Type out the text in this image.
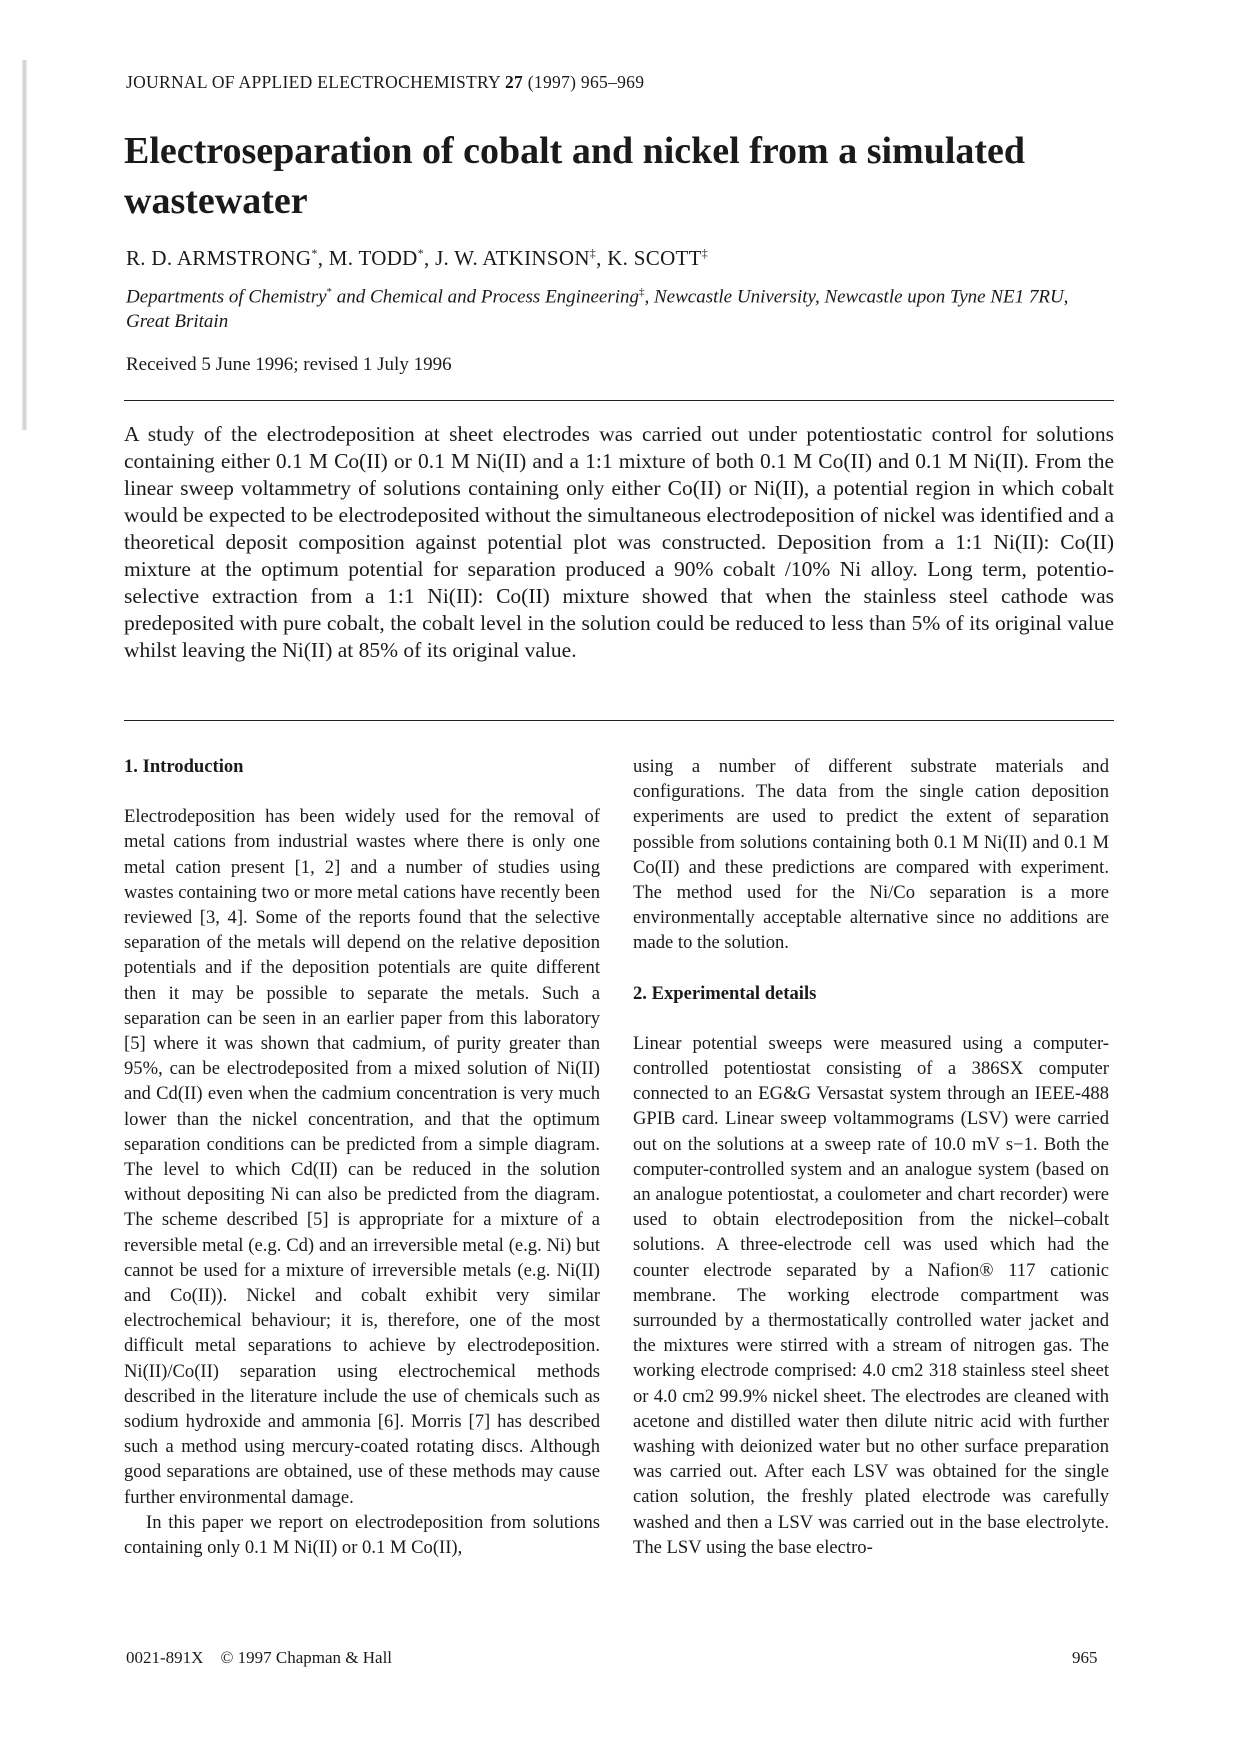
JOURNAL OF APPLIED ELECTROCHEMISTRY 27 (1997) 965–969
Electroseparation of cobalt and nickel from a simulated wastewater
R. D. ARMSTRONG*, M. TODD*, J. W. ATKINSON‡, K. SCOTT‡
Departments of Chemistry* and Chemical and Process Engineering‡, Newcastle University, Newcastle upon Tyne NE1 7RU, Great Britain
Received 5 June 1996; revised 1 July 1996

A study of the electrodeposition at sheet electrodes was carried out under potentiostatic control for solutions containing either 0.1 M Co(II) or 0.1 M Ni(II) and a 1:1 mixture of both 0.1 M Co(II) and 0.1 M Ni(II). From the linear sweep voltammetry of solutions containing only either Co(II) or Ni(II), a potential region in which cobalt would be expected to be electrodeposited without the simultaneous electrodeposition of nickel was identified and a theoretical deposit composition against potential plot was constructed. Deposition from a 1:1 Ni(II): Co(II) mixture at the optimum potential for separation produced a 90% cobalt /10% Ni alloy. Long term, potentio-selective extraction from a 1:1 Ni(II): Co(II) mixture showed that when the stainless steel cathode was predeposited with pure cobalt, the cobalt level in the solution could be reduced to less than 5% of its original value whilst leaving the Ni(II) at 85% of its original value.

1. Introduction

Electrodeposition has been widely used for the removal of metal cations from industrial wastes where there is only one metal cation present [1, 2] and a number of studies using wastes containing two or more metal cations have recently been reviewed [3, 4]. Some of the reports found that the selective separation of the metals will depend on the relative deposition potentials and if the deposition potentials are quite different then it may be possible to separate the metals. Such a separation can be seen in an earlier paper from this laboratory [5] where it was shown that cadmium, of purity greater than 95%, can be electrodeposited from a mixed solution of Ni(II) and Cd(II) even when the cadmium concentration is very much lower than the nickel concentration, and that the optimum separation conditions can be predicted from a simple diagram. The level to which Cd(II) can be reduced in the solution without depositing Ni can also be predicted from the diagram. The scheme described [5] is appropriate for a mixture of a reversible metal (e.g. Cd) and an irreversible metal (e.g. Ni) but cannot be used for a mixture of irreversible metals (e.g. Ni(II) and Co(II)). Nickel and cobalt exhibit very similar electrochemical behaviour; it is, therefore, one of the most difficult metal separations to achieve by electrodeposition. Ni(II)/Co(II) separation using electrochemical methods described in the literature include the use of chemicals such as sodium hydroxide and ammonia [6]. Morris [7] has described such a method using mercury-coated rotating discs. Although good separations are obtained, use of these methods may cause further environmental damage.

In this paper we report on electrodeposition from solutions containing only 0.1 M Ni(II) or 0.1 M Co(II),

using a number of different substrate materials and configurations. The data from the single cation deposition experiments are used to predict the extent of separation possible from solutions containing both 0.1 M Ni(II) and 0.1 M Co(II) and these predictions are compared with experiment. The method used for the Ni/Co separation is a more environmentally acceptable alternative since no additions are made to the solution.

2. Experimental details

Linear potential sweeps were measured using a computer-controlled potentiostat consisting of a 386SX computer connected to an EG&G Versastat system through an IEEE-488 GPIB card. Linear sweep voltammograms (LSV) were carried out on the solutions at a sweep rate of 10.0 mV s−1. Both the computer-controlled system and an analogue system (based on an analogue potentiostat, a coulometer and chart recorder) were used to obtain electrodeposition from the nickel–cobalt solutions. A three-electrode cell was used which had the counter electrode separated by a Nafion® 117 cationic membrane. The working electrode compartment was surrounded by a thermostatically controlled water jacket and the mixtures were stirred with a stream of nitrogen gas. The working electrode comprised: 4.0 cm2 318 stainless steel sheet or 4.0 cm2 99.9% nickel sheet. The electrodes are cleaned with acetone and distilled water then dilute nitric acid with further washing with deionized water but no other surface preparation was carried out. After each LSV was obtained for the single cation solution, the freshly plated electrode was carefully washed and then a LSV was carried out in the base electrolyte. The LSV using the base electro-

0021-891X © 1997 Chapman & Hall	965
